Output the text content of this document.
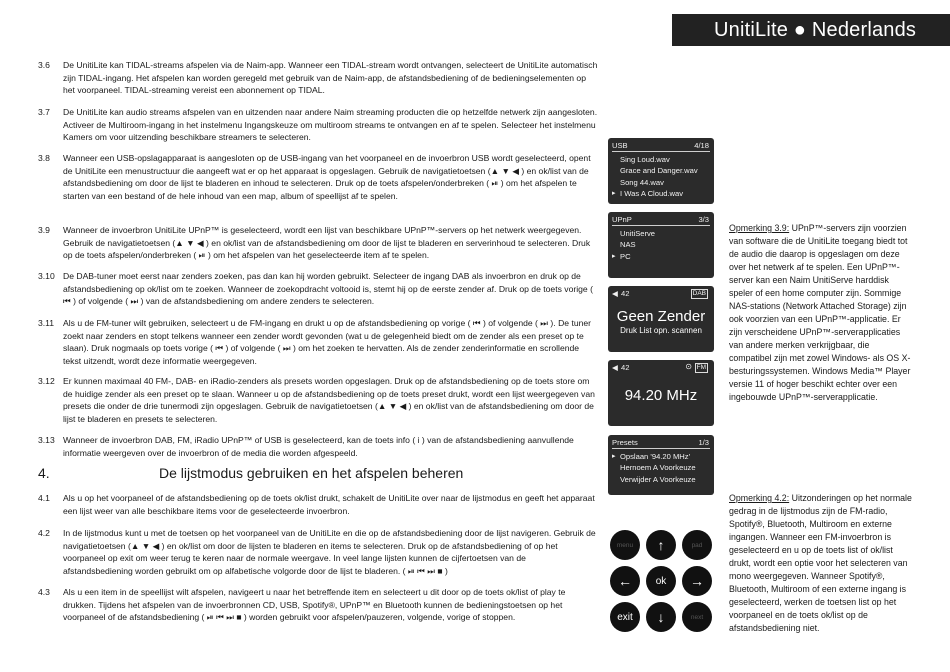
UnitiLite ● Nederlands
3.6	De UnitiLite kan TIDAL-streams afspelen via de Naim-app. Wanneer een TIDAL-stream wordt ontvangen, selecteert de UnitiLite automatisch zijn TIDAL-ingang. Het afspelen kan worden geregeld met gebruik van de Naim-app, de afstandsbediening of de bedieningselementen op het voorpaneel. TIDAL-streaming vereist een abonnement op TIDAL.
3.7	De UnitiLite kan audio streams afspelen van en uitzenden naar andere Naim streaming producten die op hetzelfde netwerk zijn aangesloten. Activeer de Multiroom-ingang in het instelmenu Ingangskeuze om multiroom streams te ontvangen en af te spelen. Selecteer het instelmenu Kamers om voor uitzending beschikbare streamers te selecteren.
3.8	Wanneer een USB-opslagapparaat is aangesloten op de USB-ingang van het voorpaneel en de invoerbron USB wordt geselecteerd, opent de UnitiLite een menustructuur die aangeeft wat er op het apparaat is opgeslagen. Gebruik de navigatietoetsen (▲ ▼ ◀ ) en ok/list van de afstandsbediening om door de lijst te bladeren en inhoud te selecteren. Druk op de toets afspelen/onderbreken ( ⏯ ) om het afspelen te starten van een bestand of de hele inhoud van een map, album of speellijst af te spelen.
3.9	Wanneer de invoerbron UnitiLite UPnP™ is geselecteerd, wordt een lijst van beschikbare UPnP™-servers op het netwerk weergegeven. Gebruik de navigatietoetsen (▲ ▼ ◀ ) en ok/list van de afstandsbediening om door de lijst te bladeren en serverinhoud te selecteren. Druk op de toets afspelen/onderbreken ( ⏯ ) om het afspelen van het geselecteerde item af te spelen.
3.10 De DAB-tuner moet eerst naar zenders zoeken, pas dan kan hij worden gebruikt. Selecteer de ingang DAB als invoerbron en druk op de afstandsbediening op ok/list om te zoeken. Wanneer de zoekopdracht voltooid is, stemt hij op de eerste zender af. Druk op de toets vorige ( ⏮ ) of volgende ( ⏭ ) van de afstandsbediening om andere zenders te selecteren.
3.11	Als u de FM-tuner wilt gebruiken, selecteert u de FM-ingang en drukt u op de afstandsbediening op vorige ( ⏮ ) of volgende ( ⏭ ). De tuner zoekt naar zenders en stopt telkens wanneer een zender wordt gevonden (wat u de gelegenheid biedt om de zender als een preset op te slaan). Druk nogmaals op toets vorige ( ⏮ ) of volgende ( ⏭ ) om het zoeken te hervatten. Als de zender zenderinformatie en scrollende tekst uitzendt, wordt deze informatie weergegeven.
3.12 Er kunnen maximaal 40 FM-, DAB- en iRadio-zenders als presets worden opgeslagen. Druk op de afstandsbediening op de toets store om de huidige zender als een preset op te slaan. Wanneer u op de afstandsbediening op de toets preset drukt, wordt een lijst weergegeven van presets die onder de drie tunermodi zijn opgeslagen. Gebruik de navigatietoetsen (▲ ▼ ◀ ) en ok/list van de afstandsbediening om door de lijst te bladeren en presets te selecteren.
3.13 Wanneer de invoerbron DAB, FM, iRadio UPnP™ of USB is geselecteerd, kan de toets info ( i ) van de afstandsbediening aanvullende informatie weergeven over de invoerbron of de media die worden afgespeeld.
4.	De lijstmodus gebruiken en het afspelen beheren
4.1	Als u op het voorpaneel of de afstandsbediening op de toets ok/list drukt, schakelt de UnitiLite over naar de lijstmodus en geeft het apparaat een lijst weer van alle beschikbare items voor de geselecteerde invoerbron.
4.2	In de lijstmodus kunt u met de toetsen op het voorpaneel van de UnitiLite en die op de afstandsbediening door de lijst navigeren. Gebruik de navigatietoetsen (▲ ▼ ◀ ) en ok/list om door de lijsten te bladeren en items te selecteren. Druk op de afstandsbediening of op het voorpaneel op exit om weer terug te keren naar de normale weergave. In veel lange lijsten kunnen de cijfertoetsen van de afstandsbediening worden gebruikt om op alfabetische volgorde door de lijst te bladeren. ( ⏯ ⏮ ⏭ ■ )
4.3	Als u een item in de speellijst wilt afspelen, navigeert u naar het betreffende item en selecteert u dit door op de toets ok/list of play te drukken. Tijdens het afspelen van de invoerbronnen CD, USB, Spotify®, UPnP™ en Bluetooth kunnen de bedieningstoetsen op het voorpaneel of de afstandsbediening ( ⏯ ⏮ ⏭ ■ ) worden gebruikt voor afspelen/pauzeren, volgende, vorige of stoppen.
USB	4/18
Sing Loud.wav
Grace and Danger.wav
Song 44.wav
▸ I Was A Cloud.wav
UPnP	3/3
UnitiServe
NAS
▸ PC
◀ 42	DAB
Geen Zender
Druk List opn. scannen
◀ 42	⊙ FM
94.20 MHz
Presets	1/3
▸ Opslaan '94.20 MHz'
Hernoem A Voorkeuze
Verwijder A Voorkeuze
menu	↑	pad
←	ok	→
exit	↓	next
Opmerking 3.9: UPnP™-servers zijn voorzien van software die de UnitiLite toegang biedt tot de audio die daarop is opgeslagen om deze over het netwerk af te spelen. Een UPnP™-server kan een Naim UnitiServe harddisk speler of een home computer zijn. Sommige NAS-stations (Network Attached Storage) zijn ook voorzien van een UPnP™-applicatie. Er zijn verscheidene UPnP™-serverapplicaties van andere merken verkrijgbaar, die compatibel zijn met zowel Windows- als OS X-besturingssystemen. Windows Media™ Player versie 11 of hoger beschikt echter over een ingebouwde UPnP™-serverapplicatie.
Opmerking 4.2: Uitzonderingen op het normale gedrag in de lijstmodus zijn de FM-radio, Spotify®, Bluetooth, Multiroom en externe ingangen. Wanneer een FM-invoerbron is geselecteerd en u op de toets list of ok/list drukt, wordt een optie voor het selecteren van mono weergegeven. Wanneer Spotify®, Bluetooth, Multiroom of een externe ingang is geselecteerd, werken de toetsen list op het voorpaneel en de toets ok/list op de afstandsbediening niet.
